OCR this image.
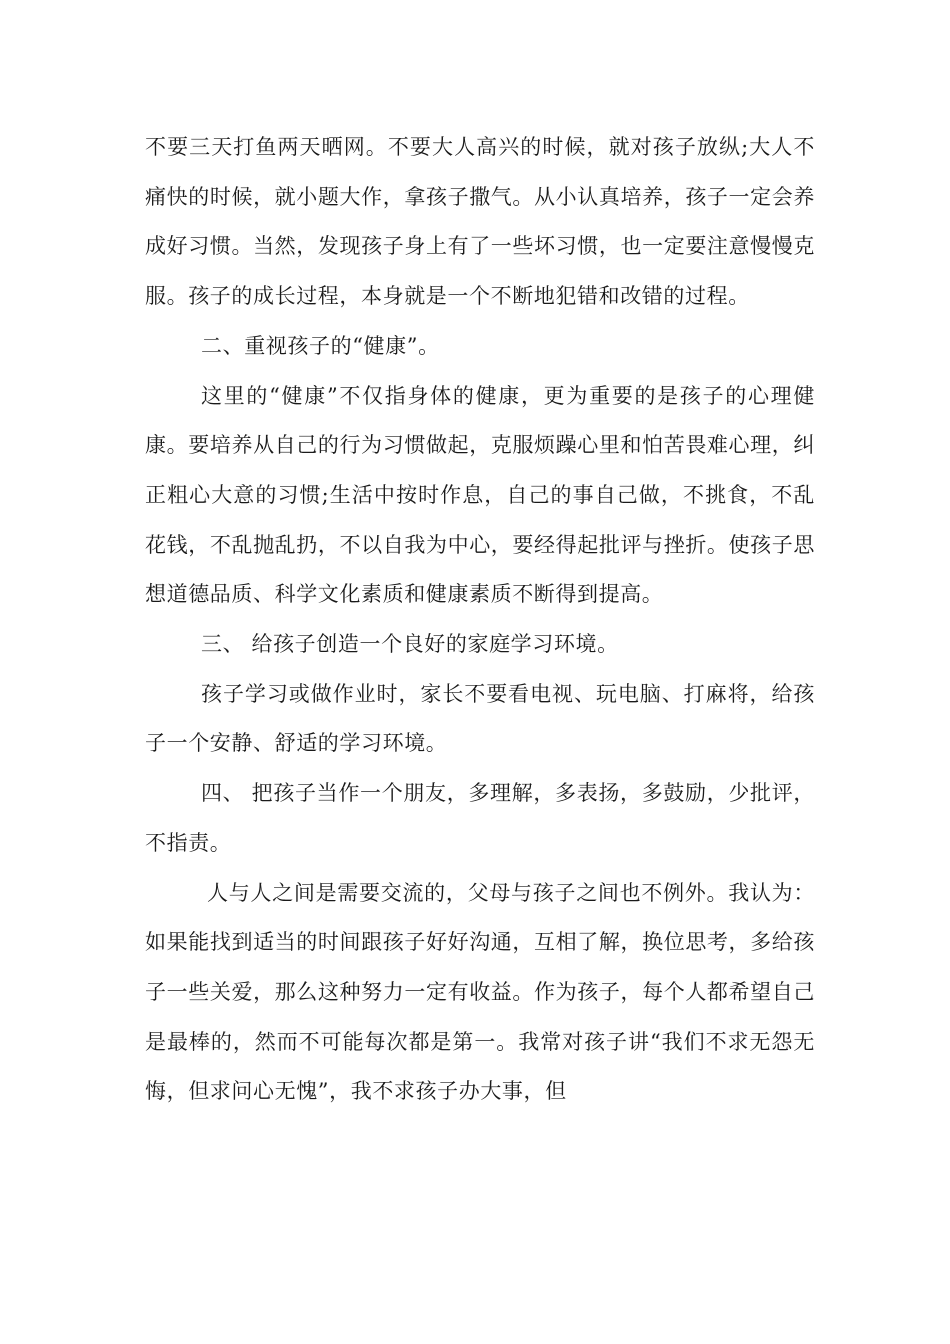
不要三天打鱼两天晒网。不要大人高兴的时候，就对孩子放纵;大人不痛快的时候，就小题大作，拿孩子撒气。从小认真培养，孩子一定会养成好习惯。当然，发现孩子身上有了一些坏习惯，也一定要注意慢慢克服。孩子的成长过程，本身就是一个不断地犯错和改错的过程。

二、重视孩子的“健康”。

这里的“健康”不仅指身体的健康，更为重要的是孩子的心理健康。要培养从自己的行为习惯做起，克服烦躁心里和怕苦畏难心理，纠正粗心大意的习惯;生活中按时作息，自己的事自己做，不挑食，不乱花钱，不乱抛乱扔，不以自我为中心，要经得起批评与挫折。使孩子思想道德品质、科学文化素质和健康素质不断得到提高。

三、 给孩子创造一个良好的家庭学习环境。

孩子学习或做作业时，家长不要看电视、玩电脑、打麻将，给孩子一个安静、舒适的学习环境。

四、 把孩子当作一个朋友，多理解，多表扬，多鼓励，少批评，不指责。

人与人之间是需要交流的，父母与孩子之间也不例外。我认为：如果能找到适当的时间跟孩子好好沟通，互相了解，换位思考，多给孩子一些关爱，那么这种努力一定有收益。作为孩子，每个人都希望自己是最棒的，然而不可能每次都是第一。我常对孩子讲“我们不求无怨无悔，但求问心无愧”，我不求孩子办大事，但
